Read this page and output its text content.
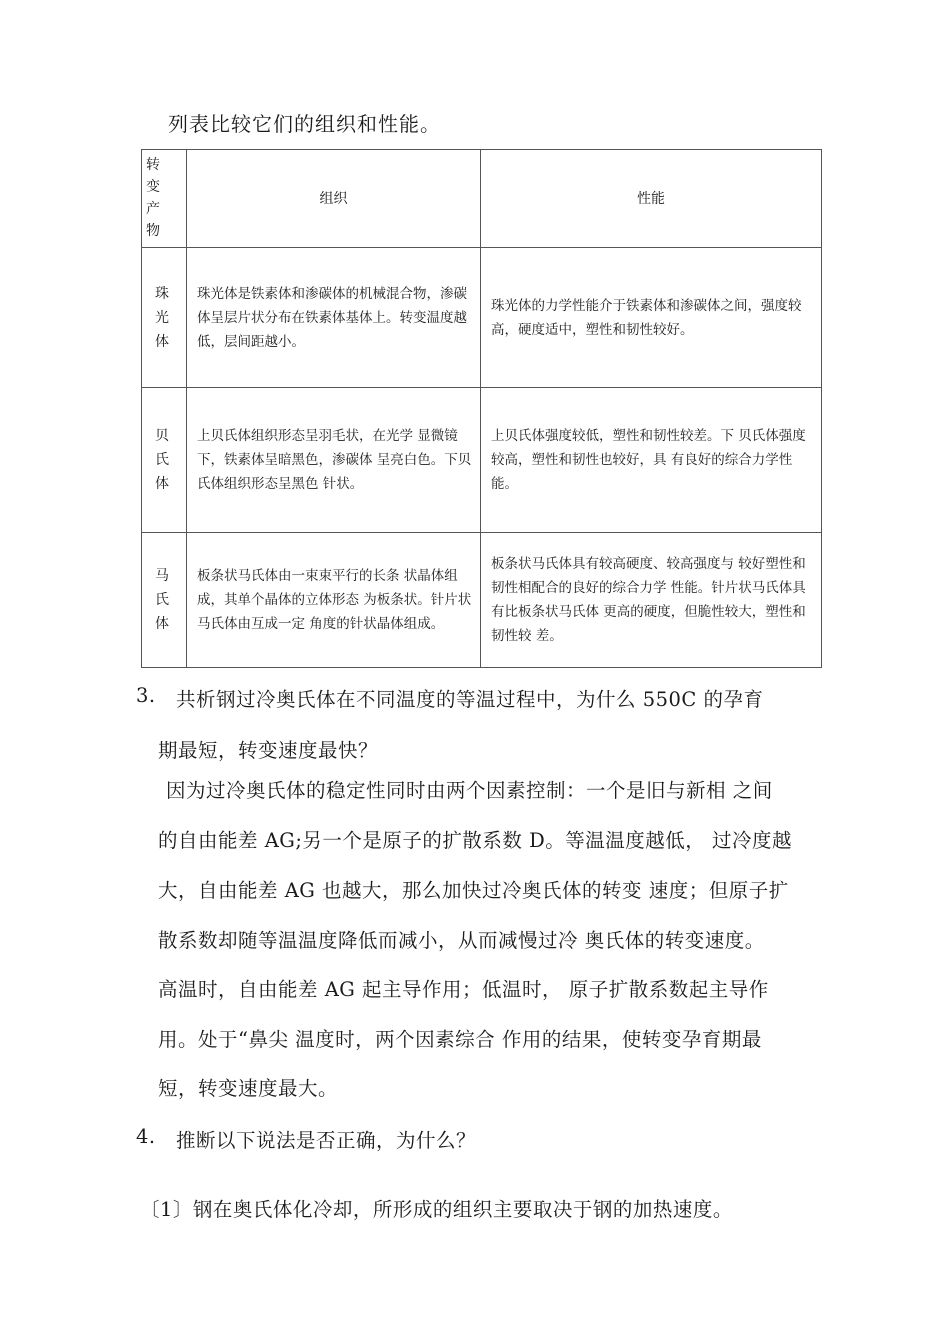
列表比较它们的组织和性能。
转 变
产 物	组织	性能
珠光体	珠光体是铁素体和渗碳体的机械混合物，渗碳体呈层片状分布在铁素体基体上。转变温度越低，层间距越小。	珠光体的力学性能介于铁素体和渗碳体之间，强度较高，硬度适中，塑性和韧性较好。
贝氏体	上贝氏体组织形态呈羽毛状，在光学 显微镜下，铁素体呈暗黑色，渗碳体 呈亮白色。下贝氏体组织形态呈黑色 针状。	上贝氏体强度较低，塑性和韧性较差。下 贝氏体强度较高，塑性和韧性也较好，具 有良好的综合力学性能。
马氏体	板条状马氏体由一束束平行的长条 状晶体组成，其单个晶体的立体形态 为板条状。针片状马氏体由互成一定 角度的针状晶体组成。	板条状马氏体具有较高硬度、较高强度与 较好塑性和韧性相配合的良好的综合力学 性能。针片状马氏体具有比板条状马氏体 更高的硬度，但脆性较大，塑性和韧性较 差。
3. 共析钢过冷奥氏体在不同温度的等温过程中，为什么 550C 的孕育
期最短，转变速度最快？
因为过冷奥氏体的稳定性同时由两个因素控制：一个是旧与新相 之间
的自由能差 AG;另一个是原子的扩散系数 D。等温温度越低， 过冷度越
大，自由能差 AG 也越大，那么加快过冷奥氏体的转变 速度；但原子扩
散系数却随等温温度降低而减小，从而减慢过冷 奥氏体的转变速度。
高温时，自由能差 AG 起主导作用；低温时， 原子扩散系数起主导作
用。处于“鼻尖 温度时，两个因素综合 作用的结果，使转变孕育期最
短，转变速度最大。
4. 推断以下说法是否正确，为什么？
〔1〕钢在奥氏体化冷却，所形成的组织主要取决于钢的加热速度。
